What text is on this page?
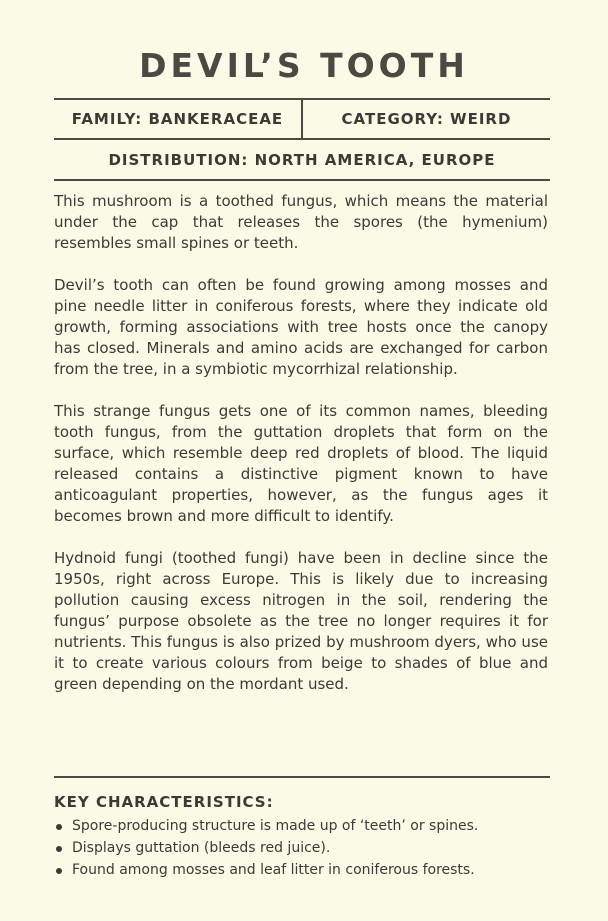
DEVIL’S TOOTH
FAMILY: BANKERACEAE	CATEGORY: WEIRD
DISTRIBUTION: NORTH AMERICA, EUROPE

This mushroom is a toothed fungus, which means the material under the cap that releases the spores (the hymenium) resembles small spines or teeth.

Devil’s tooth can often be found growing among mosses and pine needle litter in coniferous forests, where they indicate old growth, forming associations with tree hosts once the canopy has closed. Minerals and amino acids are exchanged for carbon from the tree, in a symbiotic mycorrhizal relationship.

This strange fungus gets one of its common names, bleeding tooth fungus, from the guttation droplets that form on the surface, which resemble deep red droplets of blood. The liquid released contains a distinctive pigment known to have anticoagulant properties, however, as the fungus ages it becomes brown and more difficult to identify.

Hydnoid fungi (toothed fungi) have been in decline since the 1950s, right across Europe. This is likely due to increasing pollution causing excess nitrogen in the soil, rendering the fungus’ purpose obsolete as the tree no longer requires it for nutrients. This fungus is also prized by mushroom dyers, who use it to create various colours from beige to shades of blue and green depending on the mordant used.

KEY CHARACTERISTICS:
Spore-producing structure is made up of ‘teeth’ or spines.
Displays guttation (bleeds red juice).
Found among mosses and leaf litter in coniferous forests.
